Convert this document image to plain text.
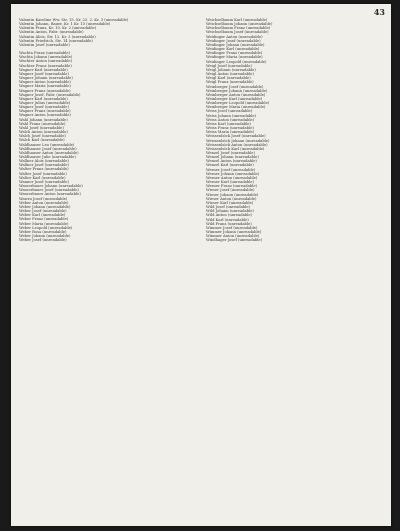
43

Valentin Karoline Ww. Str. 15. Kr. 22. 2. Kr. 3 (unreadable)

Valentin Johann, Bauer, Kr. 1 Kr. 15 (unreadable)

Valentin Franz, Kr. 10. Kr. 2 (unreadable)

Valentin Anton, Fabr. (unreadable)

Valentin Alois, Str. 12. Kr. 2 (unreadable)

Valentin Friedrich, Str. 14 (unreadable)

Valentin Josef (unreadable)

Wachta Franz (unreadable)

Wachta Johann (unreadable)

Wachter Anton (unreadable)

Wachter Franz (unreadable)

Wagner Karl (unreadable)

Wagner Josef (unreadable)

Wagner Johann (unreadable)

Wagner Anton (unreadable)

Wagner Maria (unreadable)

Wagner Franz (unreadable)

Wagner Josef, Fabr. (unreadable)

Wagner Karl (unreadable)

Wagner Julius (unreadable)

Wagner Josef (unreadable)

Wagner Franz (unreadable)

Wagner Anton (unreadable)

Wahl Johann (unreadable)

Wahl Franz (unreadable)

Wahl Josef (unreadable)

Walch Anton (unreadable)

Walch Josef (unreadable)

Walch Karl (unreadable)

Waldhauser Leo (unreadable)

Waldhauser Josef (unreadable)

Waldhauser Anton (unreadable)

Waldhauser Julie (unreadable)

Wallner Alois (unreadable)

Wallner Josef (unreadable)

Walter Franz (unreadable)

Walter Josef (unreadable)

Walter Karl (unreadable)

Wanner Josef (unreadable)

Wasserbauer Johann (unreadable)

Wasserbauer Josef (unreadable)

Wasserbauer Anton (unreadable)

Wawra Josef (unreadable)

Weber Anton (unreadable)

Weber Johann (unreadable)

Weber Josef (unreadable)

Weber Karl (unreadable)

Weber Franz (unreadable)

Weber Maria (unreadable)

Weber Leopold (unreadable)

Weber Rosa (unreadable)

Weber Johann (unreadable)

Weber Josef (unreadable)

Weichselbaum Karl (unreadable)

Weichselbaum Johann (unreadable)

Weichselbaum Franz (unreadable)

Weichselbaum Josef (unreadable)

Weidinger Anton (unreadable)

Weidinger Josef (unreadable)

Weidinger Johann (unreadable)

Weidinger Karl (unreadable)

Weidinger Franz (unreadable)

Weidinger Maria (unreadable)

Weidinger Leopold (unreadable)

Weigl Josef (unreadable)

Weigl Johann (unreadable)

Weigl Anton (unreadable)

Weigl Karl (unreadable)

Weigl Franz (unreadable)

Weinberger Josef (unreadable)

Weinberger Johann (unreadable)

Weinberger Anton (unreadable)

Weinberger Karl (unreadable)

Weinberger Leopold (unreadable)

Weinberger Maria (unreadable)

Weiss Josef (unreadable)

Weiss Johann (unreadable)

Weiss Anton (unreadable)

Weiss Karl (unreadable)

Weiss Franz (unreadable)

Weiss Maria (unreadable)

Weissenböck Josef (unreadable)

Weissenböck Johann (unreadable)

Weissenböck Anton (unreadable)

Weissenböck Karl (unreadable)

Wenzel Josef (unreadable)

Wenzel Johann (unreadable)

Wenzel Anton (unreadable)

Wenzel Karl (unreadable)

Werner Josef (unreadable)

Werner Johann (unreadable)

Werner Anton (unreadable)

Werner Karl (unreadable)

Werner Franz (unreadable)

Wieser Josef (unreadable)

Wieser Johann (unreadable)

Wieser Anton (unreadable)

Wieser Karl (unreadable)

Wild Josef (unreadable)

Wild Johann (unreadable)

Wild Anton (unreadable)

Wild Karl (unreadable)

Wild Franz (unreadable)

Wimmer Josef (unreadable)

Wimmer Johann (unreadable)

Wimmer Anton (unreadable)

Windhager Josef (unreadable)
